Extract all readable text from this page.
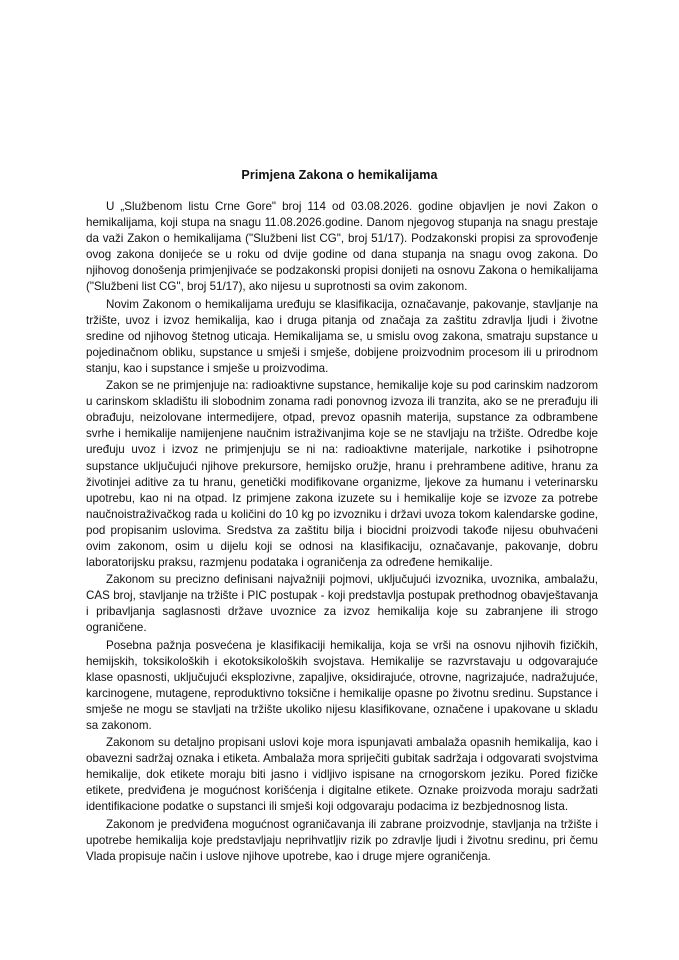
Primjena Zakona o hemikalijama

U „Službenom listu Crne Gore" broj 114 od 03.08.2026. godine objavljen je novi Zakon o hemikalijama, koji stupa na snagu 11.08.2026.godine. Danom njegovog stupanja na snagu prestaje da važi Zakon o hemikalijama ("Službeni list CG", broj 51/17). Podzakonski propisi za sprovođenje ovog zakona donijeće se u roku od dvije godine od dana stupanja na snagu ovog zakona. Do njihovog donošenja primjenjivaće se podzakonski propisi donijeti na osnovu Zakona o hemikalijama ("Službeni list CG", broj 51/17), ako nijesu u suprotnosti sa ovim zakonom.

Novim Zakonom o hemikalijama uređuju se klasifikacija, označavanje, pakovanje, stavljanje na tržište, uvoz i izvoz hemikalija, kao i druga pitanja od značaja za zaštitu zdravlja ljudi i životne sredine od njihovog štetnog uticaja. Hemikalijama se, u smislu ovog zakona, smatraju supstance u pojedinačnom obliku, supstance u smješi i smješe, dobijene proizvodnim procesom ili u prirodnom stanju, kao i supstance i smješe u proizvodima.

Zakon se ne primjenjuje na: radioaktivne supstance, hemikalije koje su pod carinskim nadzorom u carinskom skladištu ili slobodnim zonama radi ponovnog izvoza ili tranzita, ako se ne prerađuju ili obrađuju, neizolovane intermedijere, otpad, prevoz opasnih materija, supstance za odbrambene svrhe i hemikalije namijenjene naučnim istraživanjima koje se ne stavljaju na tržište. Odredbe koje uređuju uvoz i izvoz ne primjenjuju se ni na: radioaktivne materijale, narkotike i psihotropne supstance uključujući njihove prekursore, hemijsko oružje, hranu i prehrambene aditive, hranu za životinjei aditive za tu hranu, genetički modifikovane organizme, ljekove za humanu i veterinarsku upotrebu, kao ni na otpad. Iz primjene zakona izuzete su i hemikalije koje se izvoze za potrebe naučnoistraživačkog rada u količini do 10 kg po izvozniku i državi uvoza tokom kalendarske godine, pod propisanim uslovima. Sredstva za zaštitu bilja i biocidni proizvodi takođe nijesu obuhvaćeni ovim zakonom, osim u dijelu koji se odnosi na klasifikaciju, označavanje, pakovanje, dobru laboratorijsku praksu, razmjenu podataka i ograničenja za određene hemikalije.

Zakonom su precizno definisani najvažniji pojmovi, uključujući izvoznika, uvoznika, ambalažu, CAS broj, stavljanje na tržište i PIC postupak - koji predstavlja postupak prethodnog obavještavanja i pribavljanja saglasnosti države uvoznice za izvoz hemikalija koje su zabranjene ili strogo ograničene.

Posebna pažnja posvećena je klasifikaciji hemikalija, koja se vrši na osnovu njihovih fizičkih, hemijskih, toksikoloških i ekotoksikoloških svojstava. Hemikalije se razvrstavaju u odgovarajuće klase opasnosti, uključujući eksplozivne, zapaljive, oksidirajuće, otrovne, nagrizajuće, nadražujuće, karcinogene, mutagene, reproduktivno toksične i hemikalije opasne po životnu sredinu. Supstance i smješe ne mogu se stavljati na tržište ukoliko nijesu klasifikovane, označene i upakovane u skladu sa zakonom.

Zakonom su detaljno propisani uslovi koje mora ispunjavati ambalaža opasnih hemikalija, kao i obavezni sadržaj oznaka i etiketa. Ambalaža mora spriječiti gubitak sadržaja i odgovarati svojstvima hemikalije, dok etikete moraju biti jasno i vidljivo ispisane na crnogorskom jeziku. Pored fizičke etikete, predviđena je mogućnost korišćenja i digitalne etikete. Oznake proizvoda moraju sadržati identifikacione podatke o supstanci ili smješi koji odgovaraju podacima iz bezbjednosnog lista.

Zakonom je predviđena mogućnost ograničavanja ili zabrane proizvodnje, stavljanja na tržište i upotrebe hemikalija koje predstavljaju neprihvatljiv rizik po zdravlje ljudi i životnu sredinu, pri čemu Vlada propisuje način i uslove njihove upotrebe, kao i druge mjere ograničenja.
